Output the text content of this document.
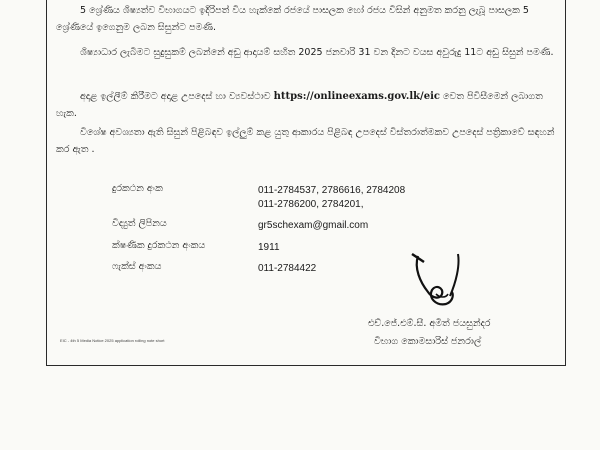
5 ශ්‍රේණිය ශිෂ්‍යත්ව විභාගයට ඉදිරිපත් විය හැක්කේ රජයේ පාසලක හෝ රජය විසින් අනුමත කරනු ලැබූ පාසලක 5 ශ්‍රේණියේ ඉගෙනුම ලබන සිසුන්ට පමණි.

ශිෂ්‍යාධාර ලැබීමට සුදුසුකම් ලබන්නේ අඩු ආදායම් සහිත 2025 ජනවාරි 31 වන දිනට වයස අවුරුදු 11ට අඩු සිසුන් පමණි.

අදාළ ඉල්ලීම් කිරීමට අදාළ උපදෙස් හා ව්‍යවස්ථාව https://onlineexams.gov.lk/eic වෙත පිවිසීමෙන් ලබාගත හැක.

විශේෂ අවශ්‍යතා ඇති සිසුන් පිළිබඳව ඉල්ලුම් කළ යුතු ආකාරය පිළිබඳ උපදෙස් විස්තරාත්මකව උපදෙස් පත්‍රිකාවේ සඳහන් කර ඇත .

දුරකථන අංක	011-2784537, 2786616, 2784208
011-2786200, 2784201,
විද්‍යුත් ලිපිනය	gr5schexam@gmail.com
ක්ෂණික දුරකථන අංකය	1911
ෆැක්ස් අංකය	011-2784422
EIC - 4th 5 Media Notice 2025 application rolling note short
එච්.ජේ.එම්.සී. අමිත් ජයසුන්දර
විභාග කොමසාරිස් ජනරාල්
